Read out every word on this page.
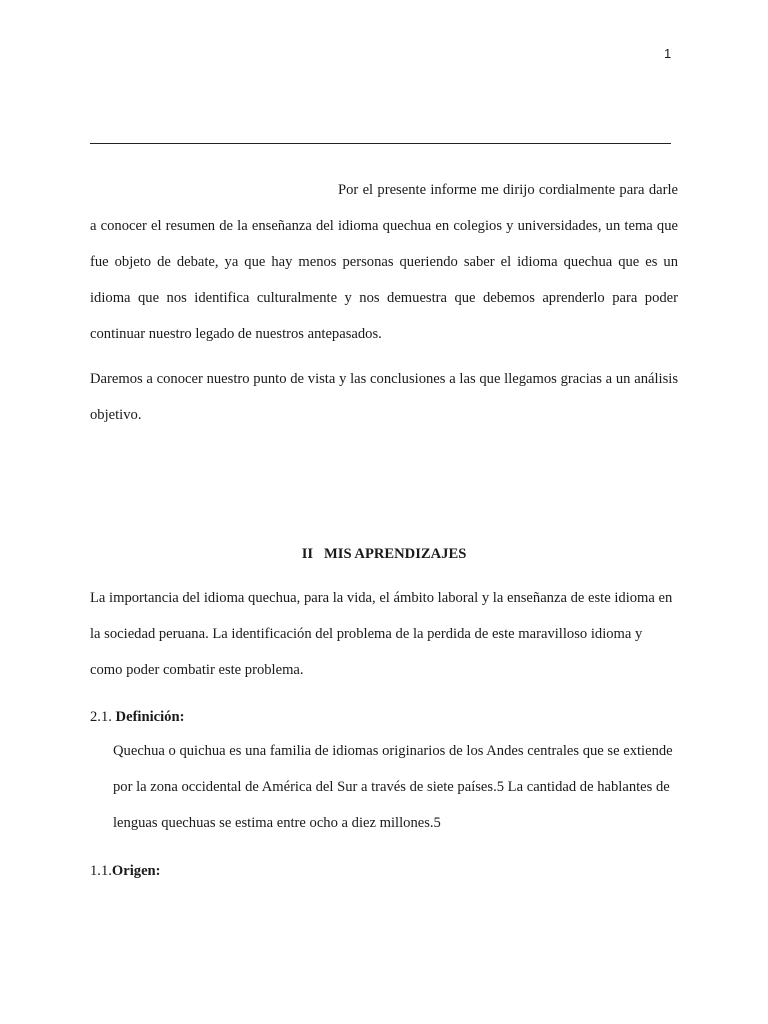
1

Por el presente informe me dirijo cordialmente para darle a conocer el resumen de la enseñanza del idioma quechua en colegios y universidades, un tema que fue objeto de debate, ya que hay menos personas queriendo saber el idioma quechua que es un idioma que nos identifica culturalmente y nos demuestra que debemos aprenderlo para poder continuar nuestro legado de nuestros antepasados.

Daremos a conocer nuestro punto de vista y las conclusiones a las que llegamos gracias a un análisis objetivo.

II   MIS APRENDIZAJES

La importancia del idioma quechua, para la vida, el ámbito laboral y la enseñanza de este idioma en la sociedad peruana. La identificación del problema de la perdida de este maravilloso idioma y como poder combatir este problema.

2.1. Definición:

Quechua o quichua es una familia de idiomas originarios de los Andes centrales que se extiende por la zona occidental de América del Sur a través de siete países.5 La cantidad de hablantes de lenguas quechuas se estima entre ocho a diez millones.5

1.1.Origen:
